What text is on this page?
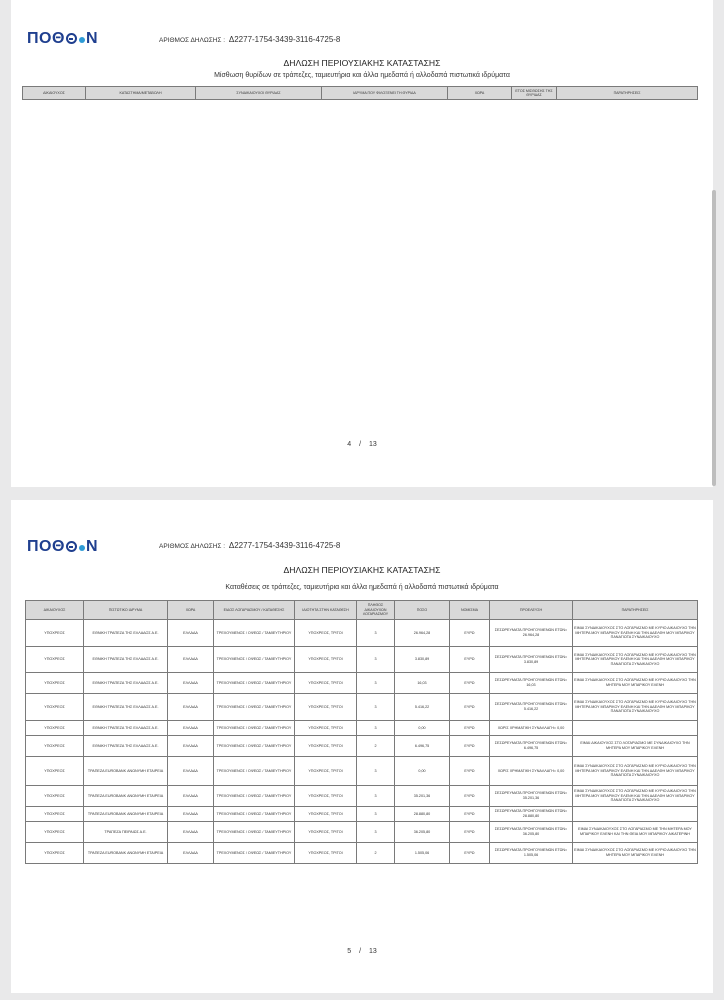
ΠΟΘ Ν	ΑΡΙΘΜΟΣ ΔΗΛΩΣΗΣ : Δ2277-1754-3439-3116-4725-8
ΔΗΛΩΣΗ ΠΕΡΙΟΥΣΙΑΚΗΣ ΚΑΤΑΣΤΑΣΗΣ
Μίσθωση θυρίδων σε τράπεζες, ταμιευτήρια και άλλα ημεδαπά ή αλλοδαπά πιστωτικά ιδρύματα
ΔΙΚΑΙΟΥΧΟΣ	ΚΑΤΑΣΤΗΜΑ/ΜΕΤΑΒΟΛΗ	ΣΥΝΔΙΚΑΙΟΥΧΟΙ ΘΥΡΙΔΑΣ	ΙΔΡΥΜΑ ΠΟΥ ΦΙΛΟΞΕΝΕΙ ΤΗ ΘΥΡΙΔΑ	ΧΩΡΑ	ΕΤΟΣ ΜΙΣΘΩΣΗΣ ΤΗΣ ΘΥΡΙΔΑΣ	ΠΑΡΑΤΗΡΗΣΕΙΣ
4 / 13
ΠΟΘ Ν	ΑΡΙΘΜΟΣ ΔΗΛΩΣΗΣ : Δ2277-1754-3439-3116-4725-8
ΔΗΛΩΣΗ ΠΕΡΙΟΥΣΙΑΚΗΣ ΚΑΤΑΣΤΑΣΗΣ
Καταθέσεις σε τράπεζες, ταμιευτήρια και άλλα ημεδαπά ή αλλοδαπά πιστωτικά ιδρύματα
ΔΙΚΑΙΟΥΧΟΣ	ΠΙΣΤΩΤΙΚΟ ΙΔΡΥΜΑ	ΧΩΡΑ	ΕΙΔΟΣ ΛΟΓΑΡΙΑΣΜΟΥ / ΚΑΤΑΘΕΣΗΣ	ΙΔΙΟΤΗΤΑ ΣΤΗΝ ΚΑΤΑΘΕΣΗ	ΠΛΗΘΟΣ ΔΙΚΑΙΟΥΧΩΝ ΛΟΓΑΡΙΑΣΜΟΥ	ΠΟΣΟ	ΝΟΜΙΣΜΑ	ΠΡΟΕΛΕΥΣΗ	ΠΑΡΑΤΗΡΗΣΕΙΣ
ΥΠΟΧΡΕΟΣ	ΕΘΝΙΚΗ ΤΡΑΠΕΖΑ ΤΗΣ ΕΛΛΑΔΟΣ Α.Ε.	ΕΛΛΑΔΑ	ΤΡΕΧΟΥΜΕΝΟΣ / ΟΨΕΩΣ / ΤΑΜΙΕΥΤΗΡΙΟΥ	ΥΠΟΧΡΕΟΣ, ΤΡΙΤΟΙ	3	26.964,28	ΕΥΡΩ	ΣΕΣΩΡΕΥΜΑΤΑ ΠΡΟΗΓΟΥΜΕΝΩΝ ΕΤΩΝ= 26.964,28	ΕΙΜΑΙ ΣΥΝΔΙΚΑΙΟΥΧΟΣ ΣΤΟ ΛΟΓΑΡΙΑΣΜΟ ΜΕ ΚΥΡΙΟ ΔΙΚΑΙΟΥΧΟ ΤΗΝ ΜΗΤΕΡΑ ΜΟΥ ΜΠΑΡΙΚΟΥ ΕΛΕΝΗ ΚΑΙ ΤΗΝ ΑΔΕΛΦΗ ΜΟΥ ΜΠΑΡΙΚΟΥ ΠΑΝΑΓΙΩΤΑ ΣΥΝΔΙΚΑΙΟΥΧΟ
ΥΠΟΧΡΕΟΣ	ΕΘΝΙΚΗ ΤΡΑΠΕΖΑ ΤΗΣ ΕΛΛΑΔΟΣ Α.Ε.	ΕΛΛΑΔΑ	ΤΡΕΧΟΥΜΕΝΟΣ / ΟΨΕΩΣ / ΤΑΜΙΕΥΤΗΡΙΟΥ	ΥΠΟΧΡΕΟΣ, ΤΡΙΤΟΙ	3	3.830,89	ΕΥΡΩ	ΣΕΣΩΡΕΥΜΑΤΑ ΠΡΟΗΓΟΥΜΕΝΩΝ ΕΤΩΝ= 3.830,89	ΕΙΜΑΙ ΣΥΝΔΙΚΑΙΟΥΧΟΣ ΣΤΟ ΛΟΓΑΡΙΑΣΜΟ ΜΕ ΚΥΡΙΟ ΔΙΚΑΙΟΥΧΟ ΤΗΝ ΜΗΤΕΡΑ ΜΟΥ ΜΠΑΡΙΚΟΥ ΕΛΕΝΗ ΚΑΙ ΤΗΝ ΑΔΕΛΦΗ ΜΟΥ ΜΠΑΡΙΚΟΥ ΠΑΝΑΓΙΩΤΑ ΣΥΝΔΙΚΑΙΟΥΧΟ
ΥΠΟΧΡΕΟΣ	ΕΘΝΙΚΗ ΤΡΑΠΕΖΑ ΤΗΣ ΕΛΛΑΔΟΣ Α.Ε.	ΕΛΛΑΔΑ	ΤΡΕΧΟΥΜΕΝΟΣ / ΟΨΕΩΣ / ΤΑΜΙΕΥΤΗΡΙΟΥ	ΥΠΟΧΡΕΟΣ, ΤΡΙΤΟΙ	3	16,03	ΕΥΡΩ	ΣΕΣΩΡΕΥΜΑΤΑ ΠΡΟΗΓΟΥΜΕΝΩΝ ΕΤΩΝ= 16,03	ΕΙΜΑΙ ΣΥΝΔΙΚΑΙΟΥΧΟΣ ΣΤΟ ΛΟΓΑΡΙΑΣΜΟ ΜΕ ΚΥΡΙΟ ΔΙΚΑΙΟΥΧΟ ΤΗΝ ΜΗΤΕΡΑ ΜΟΥ ΜΠΑΡΙΚΟΥ ΕΛΕΝΗ
ΥΠΟΧΡΕΟΣ	ΕΘΝΙΚΗ ΤΡΑΠΕΖΑ ΤΗΣ ΕΛΛΑΔΟΣ Α.Ε.	ΕΛΛΑΔΑ	ΤΡΕΧΟΥΜΕΝΟΣ / ΟΨΕΩΣ / ΤΑΜΙΕΥΤΗΡΙΟΥ	ΥΠΟΧΡΕΟΣ, ΤΡΙΤΟΙ	3	5.416,22	ΕΥΡΩ	ΣΕΣΩΡΕΥΜΑΤΑ ΠΡΟΗΓΟΥΜΕΝΩΝ ΕΤΩΝ= 5.416,22	ΕΙΜΑΙ ΣΥΝΔΙΚΑΙΟΥΧΟΣ ΣΤΟ ΛΟΓΑΡΙΑΣΜΟ ΜΕ ΚΥΡΙΟ ΔΙΚΑΙΟΥΧΟ ΤΗΝ ΜΗΤΕΡΑ ΜΟΥ ΜΠΑΡΙΚΟΥ ΕΛΕΝΗ ΚΑΙ ΤΗΝ ΑΔΕΛΦΗ ΜΟΥ ΜΠΑΡΙΚΟΥ ΠΑΝΑΓΙΩΤΑ ΣΥΝΔΙΚΑΙΟΥΧΟ
ΥΠΟΧΡΕΟΣ	ΕΘΝΙΚΗ ΤΡΑΠΕΖΑ ΤΗΣ ΕΛΛΑΔΟΣ Α.Ε.	ΕΛΛΑΔΑ	ΤΡΕΧΟΥΜΕΝΟΣ / ΟΨΕΩΣ / ΤΑΜΙΕΥΤΗΡΙΟΥ	ΥΠΟΧΡΕΟΣ, ΤΡΙΤΟΙ	3	0,00	ΕΥΡΩ	ΧΩΡΙΣ ΧΡΗΜΑΤΙΚΗ ΣΥΝΑΛΛΑΓΗ= 0,00	
ΥΠΟΧΡΕΟΣ	ΕΘΝΙΚΗ ΤΡΑΠΕΖΑ ΤΗΣ ΕΛΛΑΔΟΣ Α.Ε.	ΕΛΛΑΔΑ	ΤΡΕΧΟΥΜΕΝΟΣ / ΟΨΕΩΣ / ΤΑΜΙΕΥΤΗΡΙΟΥ	ΥΠΟΧΡΕΟΣ, ΤΡΙΤΟΙ	2	6.496,75	ΕΥΡΩ	ΣΕΣΩΡΕΥΜΑΤΑ ΠΡΟΗΓΟΥΜΕΝΩΝ ΕΤΩΝ= 6.496,75	ΕΙΜΑΙ ΔΙΚΑΙΟΥΧΟΣ ΣΤΟ ΛΟΓΑΡΙΑΣΜΟ ΜΕ ΣΥΝΔΙΚΑΙΟΥΧΟ ΤΗΝ ΜΗΤΕΡΑ ΜΟΥ ΜΠΑΡΙΚΟΥ ΕΛΕΝΗ
ΥΠΟΧΡΕΟΣ	ΤΡΑΠΕΖΑ EUROBANK ΑΝΩΝΥΜΗ ΕΤΑΙΡΕΙΑ	ΕΛΛΑΔΑ	ΤΡΕΧΟΥΜΕΝΟΣ / ΟΨΕΩΣ / ΤΑΜΙΕΥΤΗΡΙΟΥ	ΥΠΟΧΡΕΟΣ, ΤΡΙΤΟΙ	3	0,00	ΕΥΡΩ	ΧΩΡΙΣ ΧΡΗΜΑΤΙΚΗ ΣΥΝΑΛΛΑΓΗ= 0,00	ΕΙΜΑΙ ΣΥΝΔΙΚΑΙΟΥΧΟΣ ΣΤΟ ΛΟΓΑΡΙΑΣΜΟ ΜΕ ΚΥΡΙΟ ΔΙΚΑΙΟΥΧΟ ΤΗΝ ΜΗΤΕΡΑ ΜΟΥ ΜΠΑΡΙΚΟΥ ΕΛΕΝΗ ΚΑΙ ΤΗΝ ΑΔΕΛΦΗ ΜΟΥ ΜΠΑΡΙΚΟΥ ΠΑΝΑΓΙΩΤΑ ΣΥΝΔΙΚΑΙΟΥΧΟ
ΥΠΟΧΡΕΟΣ	ΤΡΑΠΕΖΑ EUROBANK ΑΝΩΝΥΜΗ ΕΤΑΙΡΕΙΑ	ΕΛΛΑΔΑ	ΤΡΕΧΟΥΜΕΝΟΣ / ΟΨΕΩΣ / ΤΑΜΙΕΥΤΗΡΙΟΥ	ΥΠΟΧΡΕΟΣ, ΤΡΙΤΟΙ	3	35.201,36	ΕΥΡΩ	ΣΕΣΩΡΕΥΜΑΤΑ ΠΡΟΗΓΟΥΜΕΝΩΝ ΕΤΩΝ= 35.201,36	ΕΙΜΑΙ ΣΥΝΔΙΚΑΙΟΥΧΟΣ ΣΤΟ ΛΟΓΑΡΙΑΣΜΟ ΜΕ ΚΥΡΙΟ ΔΙΚΑΙΟΥΧΟ ΤΗΝ ΜΗΤΕΡΑ ΜΟΥ ΜΠΑΡΙΚΟΥ ΕΛΕΝΗ ΚΑΙ ΤΗΝ ΑΔΕΛΦΗ ΜΟΥ ΜΠΑΡΙΚΟΥ ΠΑΝΑΓΙΩΤΑ ΣΥΝΔΙΚΑΙΟΥΧΟ
ΥΠΟΧΡΕΟΣ	ΤΡΑΠΕΖΑ EUROBANK ΑΝΩΝΥΜΗ ΕΤΑΙΡΕΙΑ	ΕΛΛΑΔΑ	ΤΡΕΧΟΥΜΕΝΟΣ / ΟΨΕΩΣ / ΤΑΜΙΕΥΤΗΡΙΟΥ	ΥΠΟΧΡΕΟΣ, ΤΡΙΤΟΙ	3	28.880,80	ΕΥΡΩ	ΣΕΣΩΡΕΥΜΑΤΑ ΠΡΟΗΓΟΥΜΕΝΩΝ ΕΤΩΝ= 28.880,80	
ΥΠΟΧΡΕΟΣ	ΤΡΑΠΕΖΑ ΠΕΙΡΑΙΩΣ Α.Ε.	ΕΛΛΑΔΑ	ΤΡΕΧΟΥΜΕΝΟΣ / ΟΨΕΩΣ / ΤΑΜΙΕΥΤΗΡΙΟΥ	ΥΠΟΧΡΕΟΣ, ΤΡΙΤΟΙ	3	36.205,80	ΕΥΡΩ	ΣΕΣΩΡΕΥΜΑΤΑ ΠΡΟΗΓΟΥΜΕΝΩΝ ΕΤΩΝ= 36.205,80	ΕΙΜΑΙ ΣΥΝΔΙΚΑΙΟΥΧΟΣ ΣΤΟ ΛΟΓΑΡΙΑΣΜΟ ΜΕ ΤΗΝ ΜΗΤΕΡΑ ΜΟΥ ΜΠΑΡΙΚΟΥ ΕΛΕΝΗ ΚΑΙ ΤΗΝ ΘΕΙΑ ΜΟΥ ΜΠΑΡΙΚΟΥ ΑΙΚΑΤΕΡΙΝΗ
ΥΠΟΧΡΕΟΣ	ΤΡΑΠΕΖΑ EUROBANK ΑΝΩΝΥΜΗ ΕΤΑΙΡΕΙΑ	ΕΛΛΑΔΑ	ΤΡΕΧΟΥΜΕΝΟΣ / ΟΨΕΩΣ / ΤΑΜΙΕΥΤΗΡΙΟΥ	ΥΠΟΧΡΕΟΣ, ΤΡΙΤΟΙ	2	1.505,06	ΕΥΡΩ	ΣΕΣΩΡΕΥΜΑΤΑ ΠΡΟΗΓΟΥΜΕΝΩΝ ΕΤΩΝ= 1.505,06	ΕΙΜΑΙ ΣΥΝΔΙΚΑΙΟΥΧΟΣ ΣΤΟ ΛΟΓΑΡΙΑΣΜΟ ΜΕ ΚΥΡΙΟ ΔΙΚΑΙΟΥΧΟ ΤΗΝ ΜΗΤΕΡΑ ΜΟΥ ΜΠΑΡΙΚΟΥ ΕΛΕΝΗ
5 / 13
